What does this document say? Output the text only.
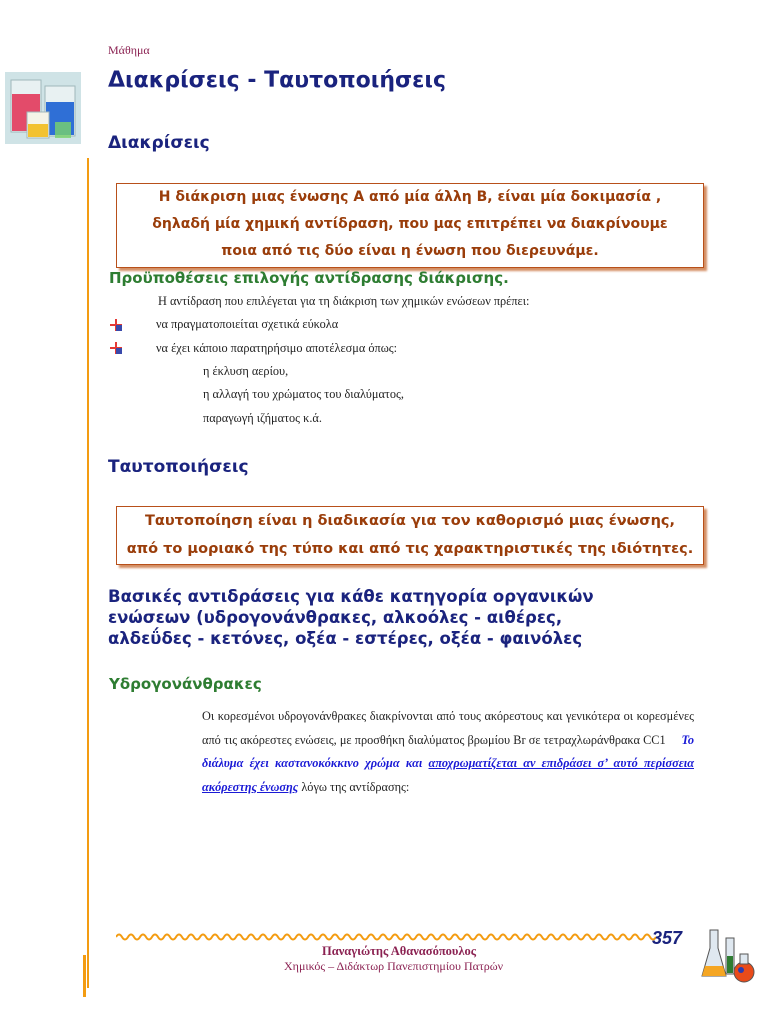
Μάθημα
Διακρίσεις - Ταυτοποιήσεις
Διακρίσεις
Η διάκριση μιας ένωσης Α από μία άλλη Β, είναι μία δοκιμασία ,
δηλαδή μία χημική αντίδραση, που μας επιτρέπει να διακρίνουμε
ποια από τις δύο είναι η ένωση που διερευνάμε.
Προϋποθέσεις επιλογής αντίδρασης διάκρισης.
Η αντίδραση που επιλέγεται για τη διάκριση των χημικών ενώσεων πρέπει:
να πραγματοποιείται σχετικά εύκολα
να έχει κάποιο παρατηρήσιμο αποτέλεσμα όπως:
η έκλυση αερίου,
η αλλαγή του χρώματος του διαλύματος,
παραγωγή ιζήματος κ.ά.
Ταυτοποιήσεις
Ταυτοποίηση είναι η διαδικασία για τον καθορισμό μιας ένωσης,
από το μοριακό της τύπο και από τις χαρακτηριστικές της ιδιότητες.
Βασικές αντιδράσεις για κάθε κατηγορία οργανικών
ενώσεων (υδρογονάνθρακες, αλκοόλες - αιθέρες,
αλδεΰδες - κετόνες, οξέα - εστέρες, οξέα - φαινόλες
Υδρογονάνθρακες
Οι κορεσμένοι υδρογονάνθρακες διακρίνονται από τους ακόρεστους και γενικότερα οι κορεσμένες από τις ακόρεστες ενώσεις, με προσθήκη διαλύματος βρωμίου Br σε τετραχλωράνθρακα CC1 Το διάλυμα έχει καστανοκόκκινο χρώμα και αποχρωματίζεται αν επιδράσει σ’ αυτό περίσσεια ακόρεστης ένωσης λόγω της αντίδρασης:
357
Παναγιώτης Αθανασόπουλος
Χημικός – Διδάκτωρ Πανεπιστημίου Πατρών
